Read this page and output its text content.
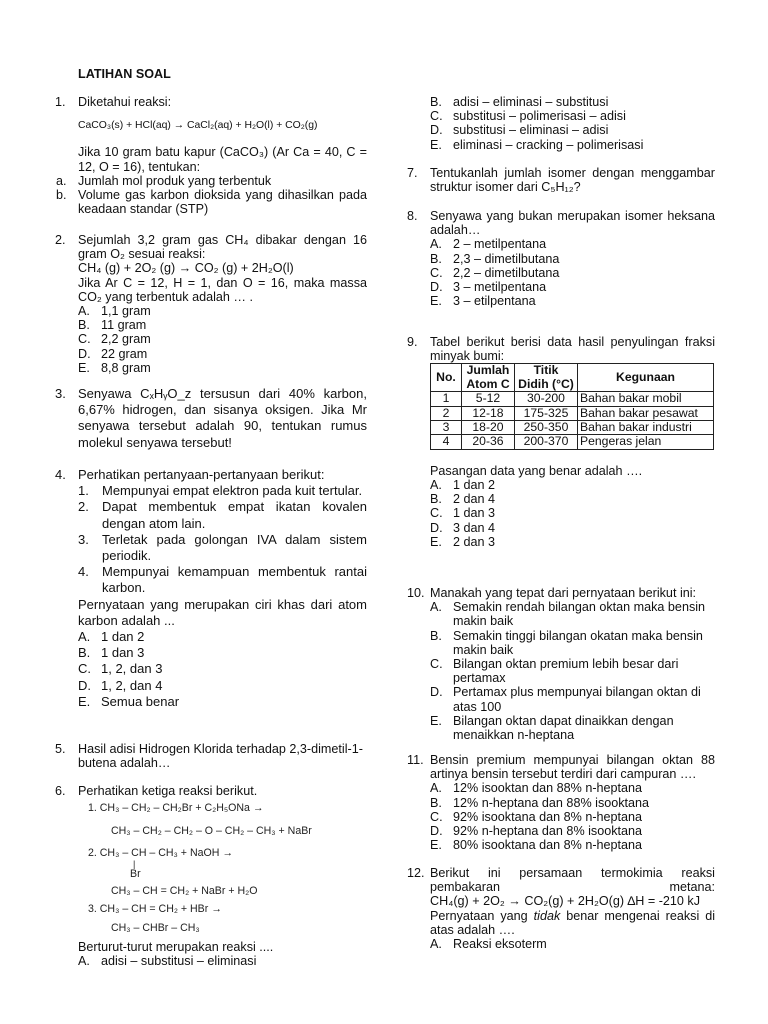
LATIHAN SOAL
1. Diketahui reaksi:
CaCO₃(s) + HCl(aq) → CaCl₂(aq) + H₂O(l) + CO₂(g)
Jika 10 gram batu kapur (CaCO₃) (Ar Ca = 40, C = 12, O = 16), tentukan:
a. Jumlah mol produk yang terbentuk
b. Volume gas karbon dioksida yang dihasilkan pada keadaan standar (STP)
2. Sejumlah 3,2 gram gas CH₄ dibakar dengan 16 gram O₂ sesuai reaksi:
CH₄ (g) + 2O₂ (g) → CO₂ (g) + 2H₂O(l)
Jika Ar C = 12, H = 1, dan O = 16, maka massa CO₂ yang terbentuk adalah … .
A. 1,1 gram
B. 11 gram
C. 2,2 gram
D. 22 gram
E. 8,8 gram
3. Senyawa CₓHᵧO_z tersusun dari 40% karbon, 6,67% hidrogen, dan sisanya oksigen. Jika Mr senyawa tersebut adalah 90, tentukan rumus molekul senyawa tersebut!
4. Perhatikan pertanyaan-pertanyaan berikut:
1.	Mempunyai empat elektron pada kuit tertular.
2.	Dapat membentuk empat ikatan kovalen dengan atom lain.
3.	Terletak pada golongan IVA dalam sistem periodik.
4.	Mempunyai kemampuan membentuk rantai karbon.
Pernyataan yang merupakan ciri khas dari atom karbon adalah ...
A. 1 dan 2
B. 1 dan 3
C. 1, 2, dan 3
D. 1, 2, dan 4
E. Semua benar
5. Hasil adisi Hidrogen Klorida terhadap 2,3-dimetil-1-butena adalah…
6. Perhatikan ketiga reaksi berikut.
1. CH₃ – CH₂ – CH₂Br + C₂H₅ONa →
CH₃ – CH₂ – CH₂ – O – CH₂ – CH₃ + NaBr
2. CH₃ – CH – CH₃ + NaOH →
|
Br
CH₃ – CH = CH₂ + NaBr + H₂O
3. CH₃ – CH = CH₂ + HBr →
CH₃ – CHBr – CH₃
Berturut-turut merupakan reaksi ....
A. adisi – substitusi – eliminasi
B. adisi – eliminasi – substitusi
C. substitusi – polimerisasi – adisi
D. substitusi – eliminasi – adisi
E. eliminasi – cracking – polimerisasi
7. Tentukanlah jumlah isomer dengan menggambar struktur isomer dari C₅H₁₂?
8. Senyawa yang bukan merupakan isomer heksana adalah…
A. 2 – metilpentana
B. 2,3 – dimetilbutana
C. 2,2 – dimetilbutana
D. 3 – metilpentana
E. 3 – etilpentana
9. Tabel berikut berisi data hasil penyulingan fraksi minyak bumi:
No.	Jumlah Atom C	Titik Didih (°C)	Kegunaan
1	5-12	30-200	Bahan bakar mobil
2	12-18	175-325	Bahan bakar pesawat
3	18-20	250-350	Bahan bakar industri
4	20-36	200-370	Pengeras jelan
Pasangan data yang benar adalah ….
A. 1 dan 2
B. 2 dan 4
C. 1 dan 3
D. 3 dan 4
E. 2 dan 3
10. Manakah yang tepat dari pernyataan berikut ini:
A. Semakin rendah bilangan oktan maka bensin makin baik
B. Semakin tinggi bilangan okatan maka bensin makin baik
C. Bilangan oktan premium lebih besar dari pertamax
D. Pertamax plus mempunyai bilangan oktan di atas 100
E. Bilangan oktan dapat dinaikkan dengan menaikkan n-heptana
11. Bensin premium mempunyai bilangan oktan 88 artinya bensin tersebut terdiri dari campuran ….
A. 12% isooktan dan 88% n-heptana
B. 12% n-heptana dan 88% isooktana
C. 92% isooktana dan 8% n-heptana
D. 92% n-heptana dan 8% isooktana
E. 80% isooktana dan 8% n-heptana
12. Berikut ini persamaan termokimia reaksi pembakaran metana:
CH₄(g) + 2O₂ → CO₂(g) + 2H₂O(g) ∆H = -210 kJ
Pernyataan yang tidak benar mengenai reaksi di atas adalah ….
A. Reaksi eksoterm
